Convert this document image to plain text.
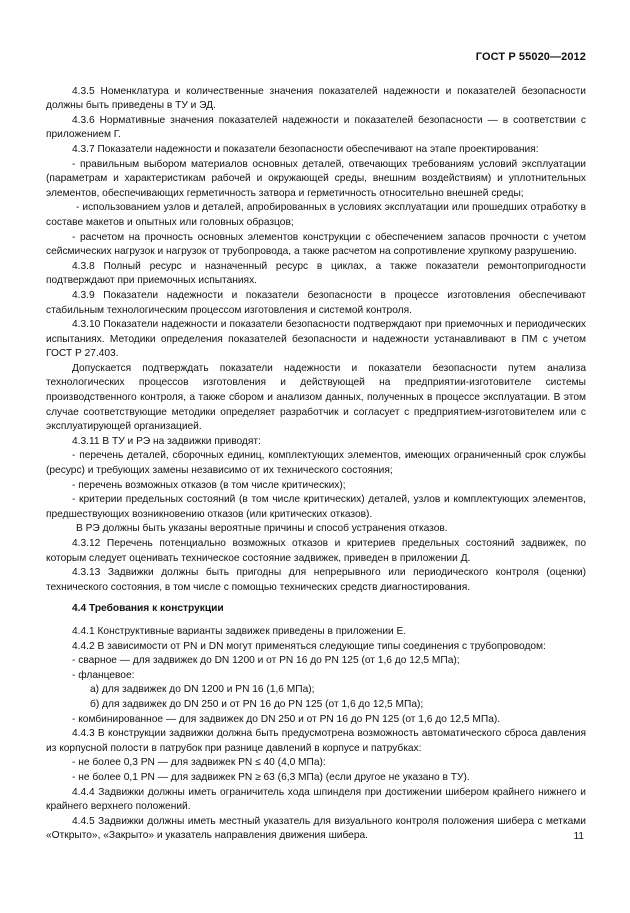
ГОСТ Р 55020—2012

4.3.5 Номенклатура и количественные значения показателей надежности и показателей безопасности должны быть приведены в ТУ и ЭД.

4.3.6 Нормативные значения показателей надежности и показателей безопасности — в соответствии с приложением Г.

4.3.7 Показатели надежности и показатели безопасности обеспечивают на этапе проектирования:

- правильным выбором материалов основных деталей, отвечающих требованиям условий эксплуатации (параметрам и характеристикам рабочей и окружающей среды, внешним воздействиям) и уплотнительных элементов, обеспечивающих герметичность затвора и герметичность относительно внешней среды;

- использованием узлов и деталей, апробированных в условиях эксплуатации или прошедших отработку в составе макетов и опытных или головных образцов;

- расчетом на прочность основных элементов конструкции с обеспечением запасов прочности с учетом сейсмических нагрузок и нагрузок от трубопровода, а также расчетом на сопротивление хрупкому разрушению.

4.3.8 Полный ресурс и назначенный ресурс в циклах, а также показатели ремонтопригодности подтверждают при приемочных испытаниях.

4.3.9 Показатели надежности и показатели безопасности в процессе изготовления обеспечивают стабильным технологическим процессом изготовления и системой контроля.

4.3.10 Показатели надежности и показатели безопасности подтверждают при приемочных и периодических испытаниях. Методики определения показателей безопасности и надежности устанавливают в ПМ с учетом ГОСТ Р 27.403.

Допускается подтверждать показатели надежности и показатели безопасности путем анализа технологических процессов изготовления и действующей на предприятии-изготовителе системы производственного контроля, а также сбором и анализом данных, полученных в процессе эксплуатации. В этом случае соответствующие методики определяет разработчик и согласует с предприятием-изготовителем или с эксплуатирующей организацией.

4.3.11 В ТУ и РЭ на задвижки приводят:

- перечень деталей, сборочных единиц, комплектующих элементов, имеющих ограниченный срок службы (ресурс) и требующих замены независимо от их технического состояния;

- перечень возможных отказов (в том числе критических);

- критерии предельных состояний (в том числе критических) деталей, узлов и комплектующих элементов, предшествующих возникновению отказов (или критических отказов).

В РЭ должны быть указаны вероятные причины и способ устранения отказов.

4.3.12 Перечень потенциально возможных отказов и критериев предельных состояний задвижек, по которым следует оценивать техническое состояние задвижек, приведен в приложении Д.

4.3.13 Задвижки должны быть пригодны для непрерывного или периодического контроля (оценки) технического состояния, в том числе с помощью технических средств диагностирования.

4.4 Требования к конструкции

4.4.1 Конструктивные варианты задвижек приведены в приложении Е.

4.4.2 В зависимости от PN и DN могут применяться следующие типы соединения с трубопроводом:

- сварное — для задвижек до DN 1200 и от PN 16 до PN 125 (от 1,6 до 12,5 МПа);

- фланцевое:

а) для задвижек до DN 1200 и PN 16 (1,6 МПа);

б) для задвижек до DN 250 и от PN 16 до PN 125 (от 1,6 до 12,5 МПа);

- комбинированное — для задвижек до DN 250 и от PN 16 до PN 125 (от 1,6 до 12,5 МПа).

4.4.3 В конструкции задвижки должна быть предусмотрена возможность автоматического сброса давления из корпусной полости в патрубок при разнице давлений в корпусе и патрубках:

- не более 0,3 PN — для задвижек PN ≤ 40 (4,0 МПа):

- не более 0,1 PN — для задвижек PN ≥ 63 (6,3 МПа) (если другое не указано в ТУ).

4.4.4 Задвижки должны иметь ограничитель хода шпинделя при достижении шибером крайнего нижнего и крайнего верхнего положений.

4.4.5 Задвижки должны иметь местный указатель для визуального контроля положения шибера с метками «Открыто», «Закрыто» и указатель направления движения шибера.	11
